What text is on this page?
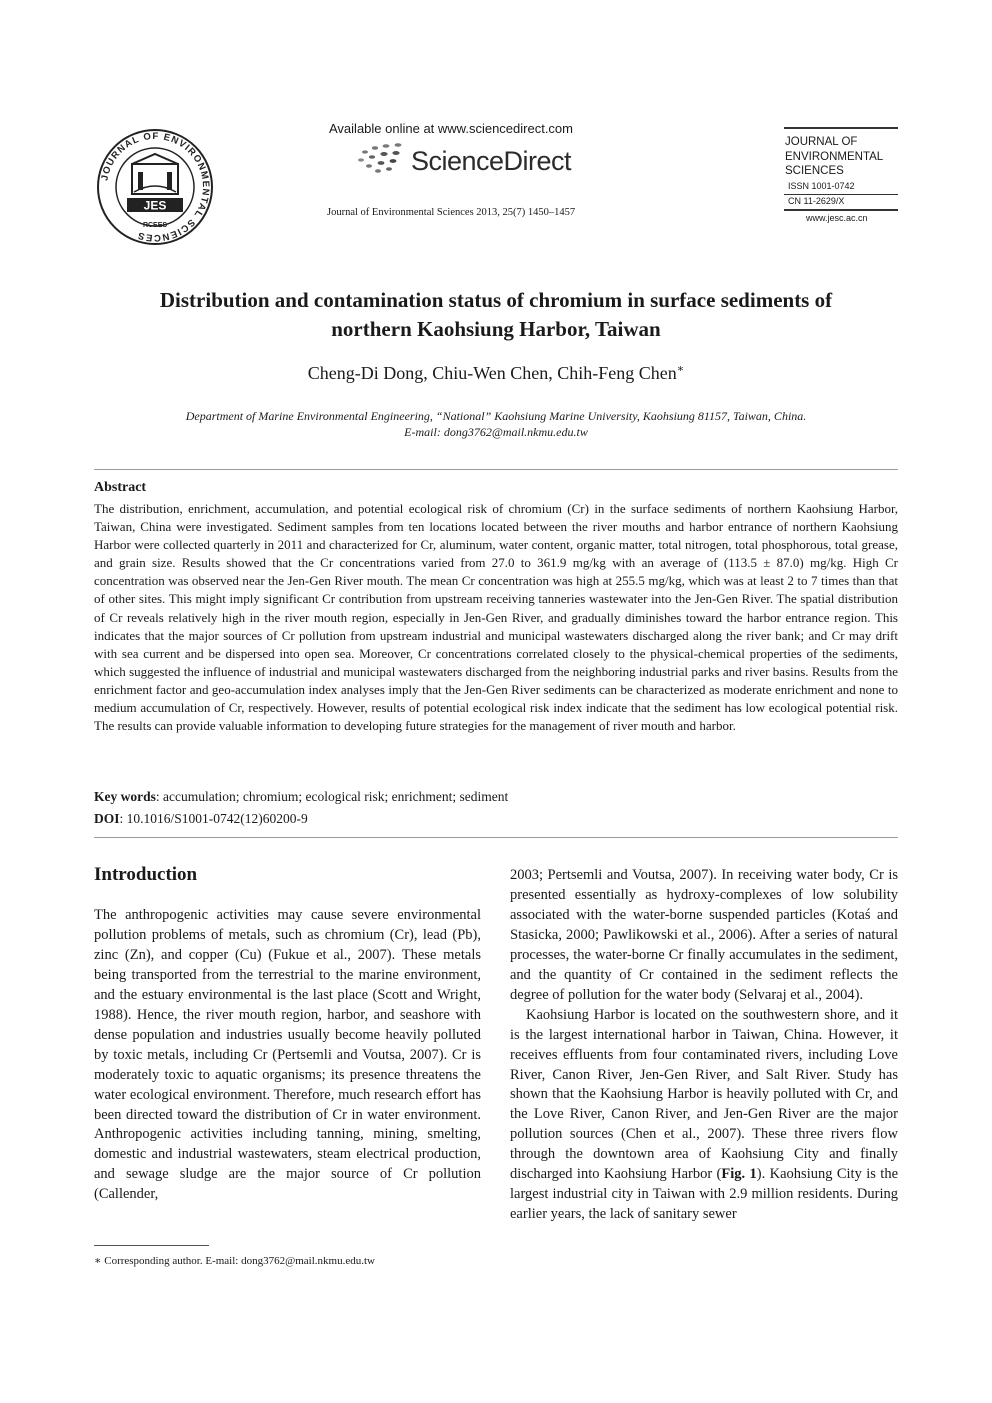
JOURNAL OF ENVIRONMENTAL SCIENCES
JES
RCEES
Available online at www.sciencedirect.com
ScienceDirect
Journal of Environmental Sciences 2013, 25(7) 1450–1457
JOURNAL OF
ENVIRONMENTAL
SCIENCES
ISSN 1001-0742
CN 11-2629/X
www.jesc.ac.cn
Distribution and contamination status of chromium in surface sediments of
northern Kaohsiung Harbor, Taiwan
Cheng-Di Dong, Chiu-Wen Chen, Chih-Feng Chen∗
Department of Marine Environmental Engineering, “National” Kaohsiung Marine University, Kaohsiung 81157, Taiwan, China.
E-mail: dong3762@mail.nkmu.edu.tw
Abstract
The distribution, enrichment, accumulation, and potential ecological risk of chromium (Cr) in the surface sediments of northern Kaohsiung Harbor, Taiwan, China were investigated. Sediment samples from ten locations located between the river mouths and harbor entrance of northern Kaohsiung Harbor were collected quarterly in 2011 and characterized for Cr, aluminum, water content, organic matter, total nitrogen, total phosphorous, total grease, and grain size. Results showed that the Cr concentrations varied from 27.0 to 361.9 mg/kg with an average of (113.5 ± 87.0) mg/kg. High Cr concentration was observed near the Jen-Gen River mouth. The mean Cr concentration was high at 255.5 mg/kg, which was at least 2 to 7 times than that of other sites. This might imply significant Cr contribution from upstream receiving tanneries wastewater into the Jen-Gen River. The spatial distribution of Cr reveals relatively high in the river mouth region, especially in Jen-Gen River, and gradually diminishes toward the harbor entrance region. This indicates that the major sources of Cr pollution from upstream industrial and municipal wastewaters discharged along the river bank; and Cr may drift with sea current and be dispersed into open sea. Moreover, Cr concentrations correlated closely to the physical-chemical properties of the sediments, which suggested the influence of industrial and municipal wastewaters discharged from the neighboring industrial parks and river basins. Results from the enrichment factor and geo-accumulation index analyses imply that the Jen-Gen River sediments can be characterized as moderate enrichment and none to medium accumulation of Cr, respectively. However, results of potential ecological risk index indicate that the sediment has low ecological potential risk. The results can provide valuable information to developing future strategies for the management of river mouth and harbor.
Key words: accumulation; chromium; ecological risk; enrichment; sediment
DOI: 10.1016/S1001-0742(12)60200-9
Introduction

The anthropogenic activities may cause severe environmental pollution problems of metals, such as chromium (Cr), lead (Pb), zinc (Zn), and copper (Cu) (Fukue et al., 2007). These metals being transported from the terrestrial to the marine environment, and the estuary environmental is the last place (Scott and Wright, 1988). Hence, the river mouth region, harbor, and seashore with dense population and industries usually become heavily polluted by toxic metals, including Cr (Pertsemli and Voutsa, 2007). Cr is moderately toxic to aquatic organisms; its presence threatens the water ecological environment. Therefore, much research effort has been directed toward the distribution of Cr in water environment. Anthropogenic activities including tanning, mining, smelting, domestic and industrial wastewaters, steam electrical production, and sewage sludge are the major source of Cr pollution (Callender,

2003; Pertsemli and Voutsa, 2007). In receiving water body, Cr is presented essentially as hydroxy-complexes of low solubility associated with the water-borne suspended particles (Kotaś and Stasicka, 2000; Pawlikowski et al., 2006). After a series of natural processes, the water-borne Cr finally accumulates in the sediment, and the quantity of Cr contained in the sediment reflects the degree of pollution for the water body (Selvaraj et al., 2004).

Kaohsiung Harbor is located on the southwestern shore, and it is the largest international harbor in Taiwan, China. However, it receives effluents from four contaminated rivers, including Love River, Canon River, Jen-Gen River, and Salt River. Study has shown that the Kaohsiung Harbor is heavily polluted with Cr, and the Love River, Canon River, and Jen-Gen River are the major pollution sources (Chen et al., 2007). These three rivers flow through the downtown area of Kaohsiung City and finally discharged into Kaohsiung Harbor (Fig. 1). Kaohsiung City is the largest industrial city in Taiwan with 2.9 million residents. During earlier years, the lack of sanitary sewer

∗ Corresponding author. E-mail: dong3762@mail.nkmu.edu.tw
